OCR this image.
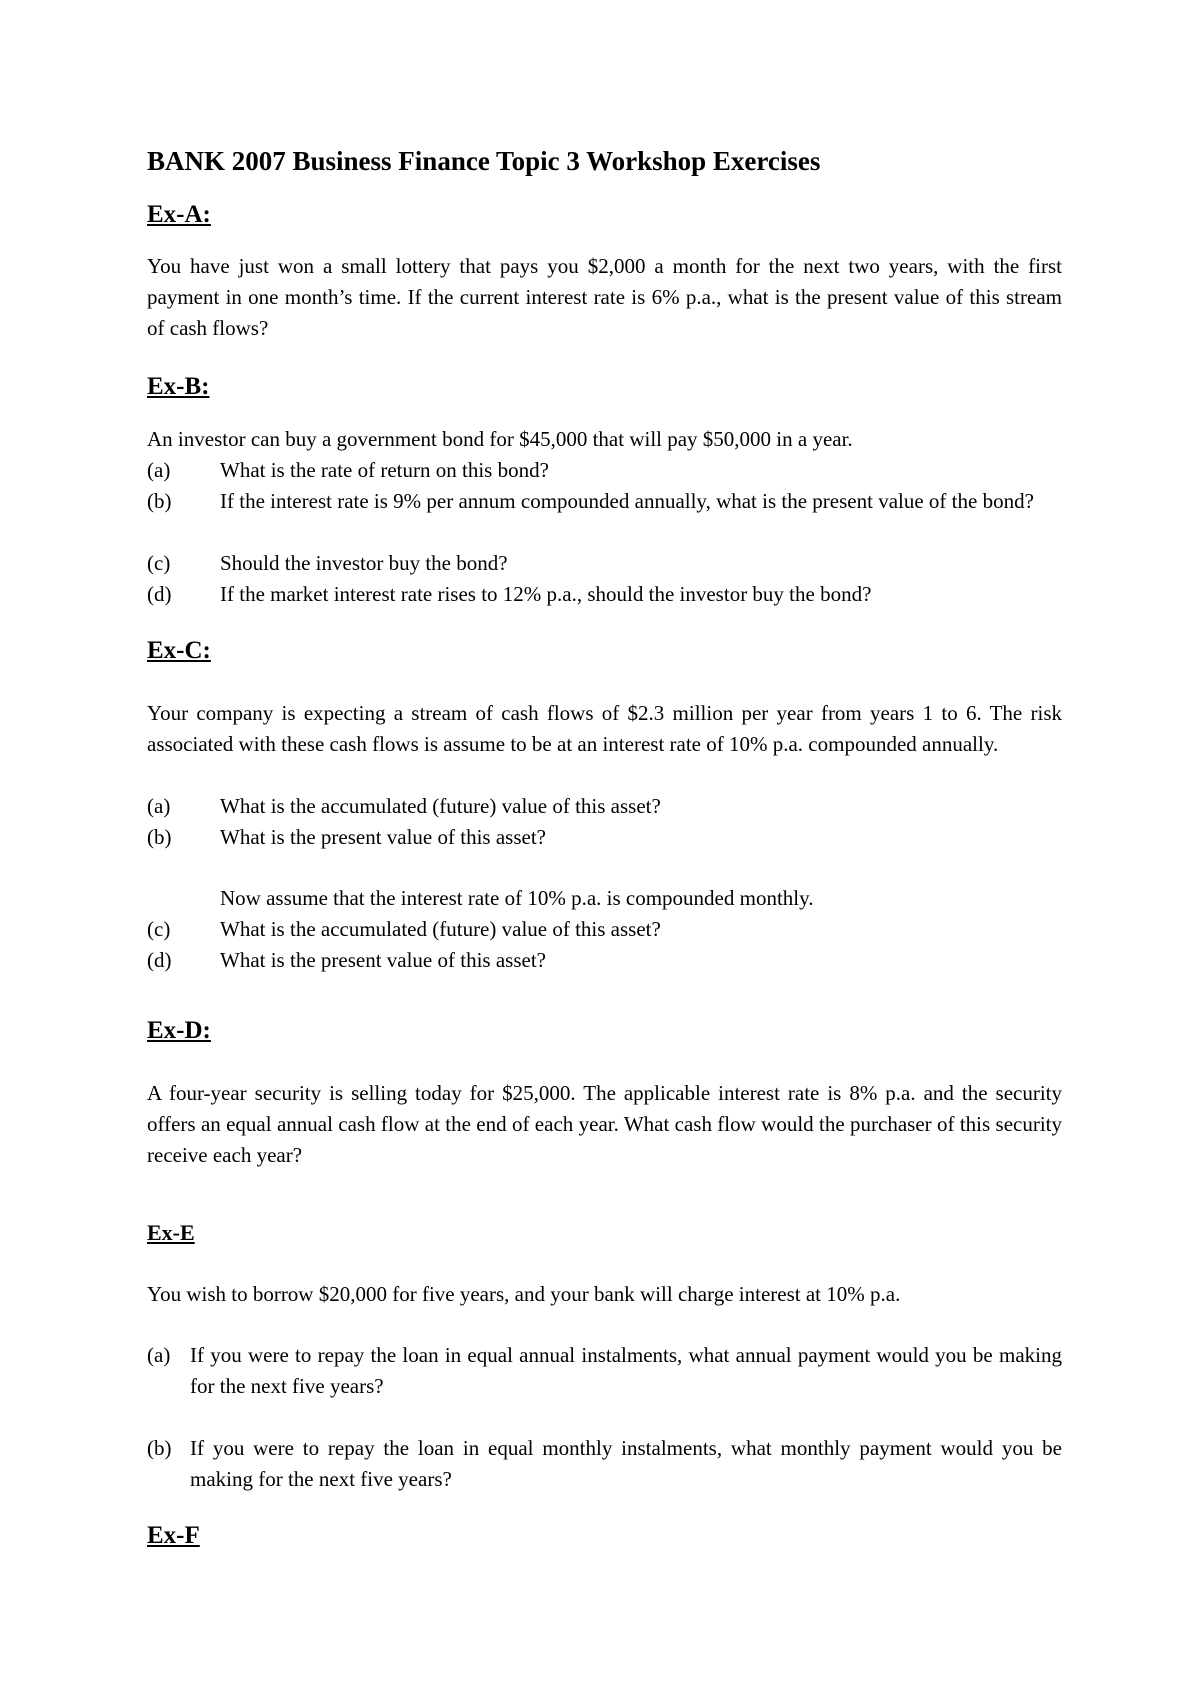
BANK 2007 Business Finance Topic 3 Workshop Exercises
Ex-A:
You have just won a small lottery that pays you $2,000 a month for the next two years, with the first payment in one month’s time. If the current interest rate is 6% p.a., what is the present value of this stream of cash flows?
Ex-B:
An investor can buy a government bond for $45,000 that will pay $50,000 in a year.
(a) What is the rate of return on this bond?
(b) If the interest rate is 9% per annum compounded annually, what is the present value of the bond?
(c) Should the investor buy the bond?
(d) If the market interest rate rises to 12% p.a., should the investor buy the bond?
Ex-C:
Your company is expecting a stream of cash flows of $2.3 million per year from years 1 to 6. The risk associated with these cash flows is assume to be at an interest rate of 10% p.a. compounded annually.
(a) What is the accumulated (future) value of this asset?
(b) What is the present value of this asset?
Now assume that the interest rate of 10% p.a. is compounded monthly.
(c) What is the accumulated (future) value of this asset?
(d) What is the present value of this asset?
Ex-D:
A four-year security is selling today for $25,000. The applicable interest rate is 8% p.a. and the security offers an equal annual cash flow at the end of each year. What cash flow would the purchaser of this security receive each year?
Ex-E
You wish to borrow $20,000 for five years, and your bank will charge interest at 10% p.a.
(a) If you were to repay the loan in equal annual instalments, what annual payment would you be making for the next five years?
(b) If you were to repay the loan in equal monthly instalments, what monthly payment would you be making for the next five years?
Ex-F
